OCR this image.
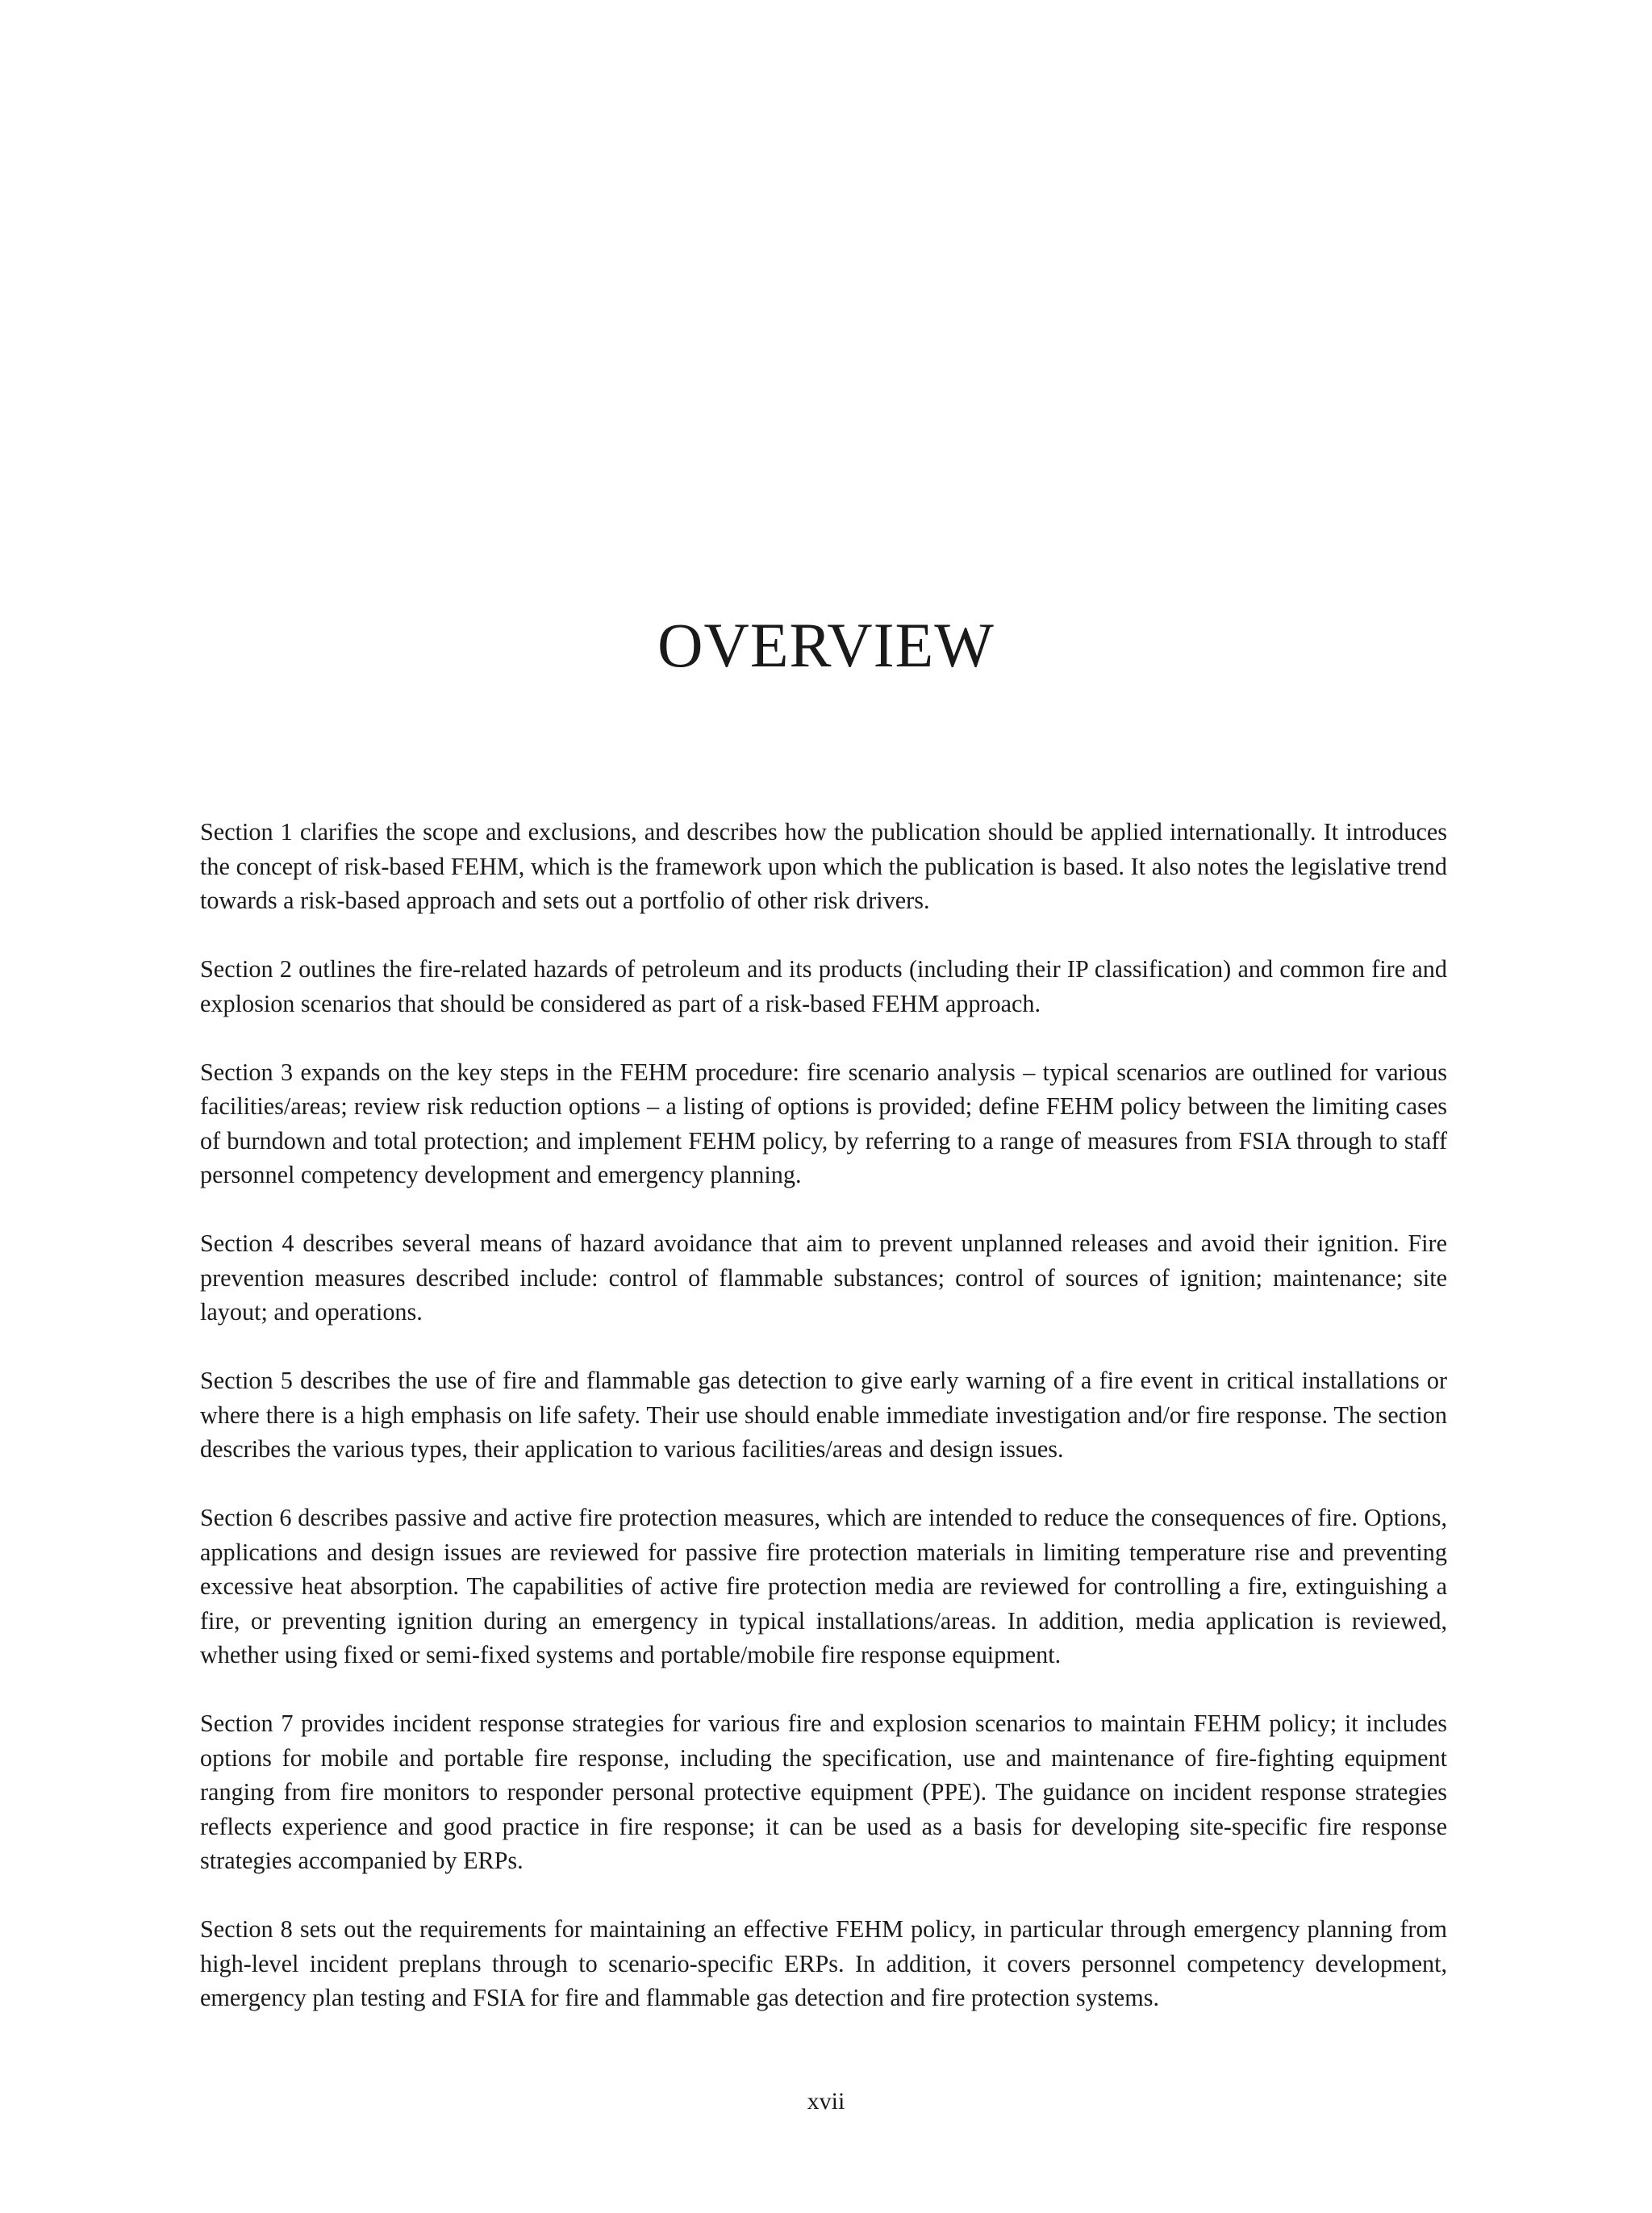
OVERVIEW

Section 1 clarifies the scope and exclusions, and describes how the publication should be applied internationally. It introduces the concept of risk-based FEHM, which is the framework upon which the publication is based. It also notes the legislative trend towards a risk-based approach and sets out a portfolio of other risk drivers.

Section 2 outlines the fire-related hazards of petroleum and its products (including their IP classification) and common fire and explosion scenarios that should be considered as part of a risk-based FEHM approach.

Section 3 expands on the key steps in the FEHM procedure: fire scenario analysis – typical scenarios are outlined for various facilities/areas; review risk reduction options – a listing of options is provided; define FEHM policy between the limiting cases of burndown and total protection; and implement FEHM policy, by referring to a range of measures from FSIA through to staff personnel competency development and emergency planning.

Section 4 describes several means of hazard avoidance that aim to prevent unplanned releases and avoid their ignition. Fire prevention measures described include: control of flammable substances; control of sources of ignition; maintenance; site layout; and operations.

Section 5 describes the use of fire and flammable gas detection to give early warning of a fire event in critical installations or where there is a high emphasis on life safety. Their use should enable immediate investigation and/or fire response. The section describes the various types, their application to various facilities/areas and design issues.

Section 6 describes passive and active fire protection measures, which are intended to reduce the consequences of fire. Options, applications and design issues are reviewed for passive fire protection materials in limiting temperature rise and preventing excessive heat absorption. The capabilities of active fire protection media are reviewed for controlling a fire, extinguishing a fire, or preventing ignition during an emergency in typical installations/areas. In addition, media application is reviewed, whether using fixed or semi-fixed systems and portable/mobile fire response equipment.

Section 7 provides incident response strategies for various fire and explosion scenarios to maintain FEHM policy; it includes options for mobile and portable fire response, including the specification, use and maintenance of fire-fighting equipment ranging from fire monitors to responder personal protective equipment (PPE). The guidance on incident response strategies reflects experience and good practice in fire response; it can be used as a basis for developing site-specific fire response strategies accompanied by ERPs.

Section 8 sets out the requirements for maintaining an effective FEHM policy, in particular through emergency planning from high-level incident preplans through to scenario-specific ERPs. In addition, it covers personnel competency development, emergency plan testing and FSIA for fire and flammable gas detection and fire protection systems.

xvii
